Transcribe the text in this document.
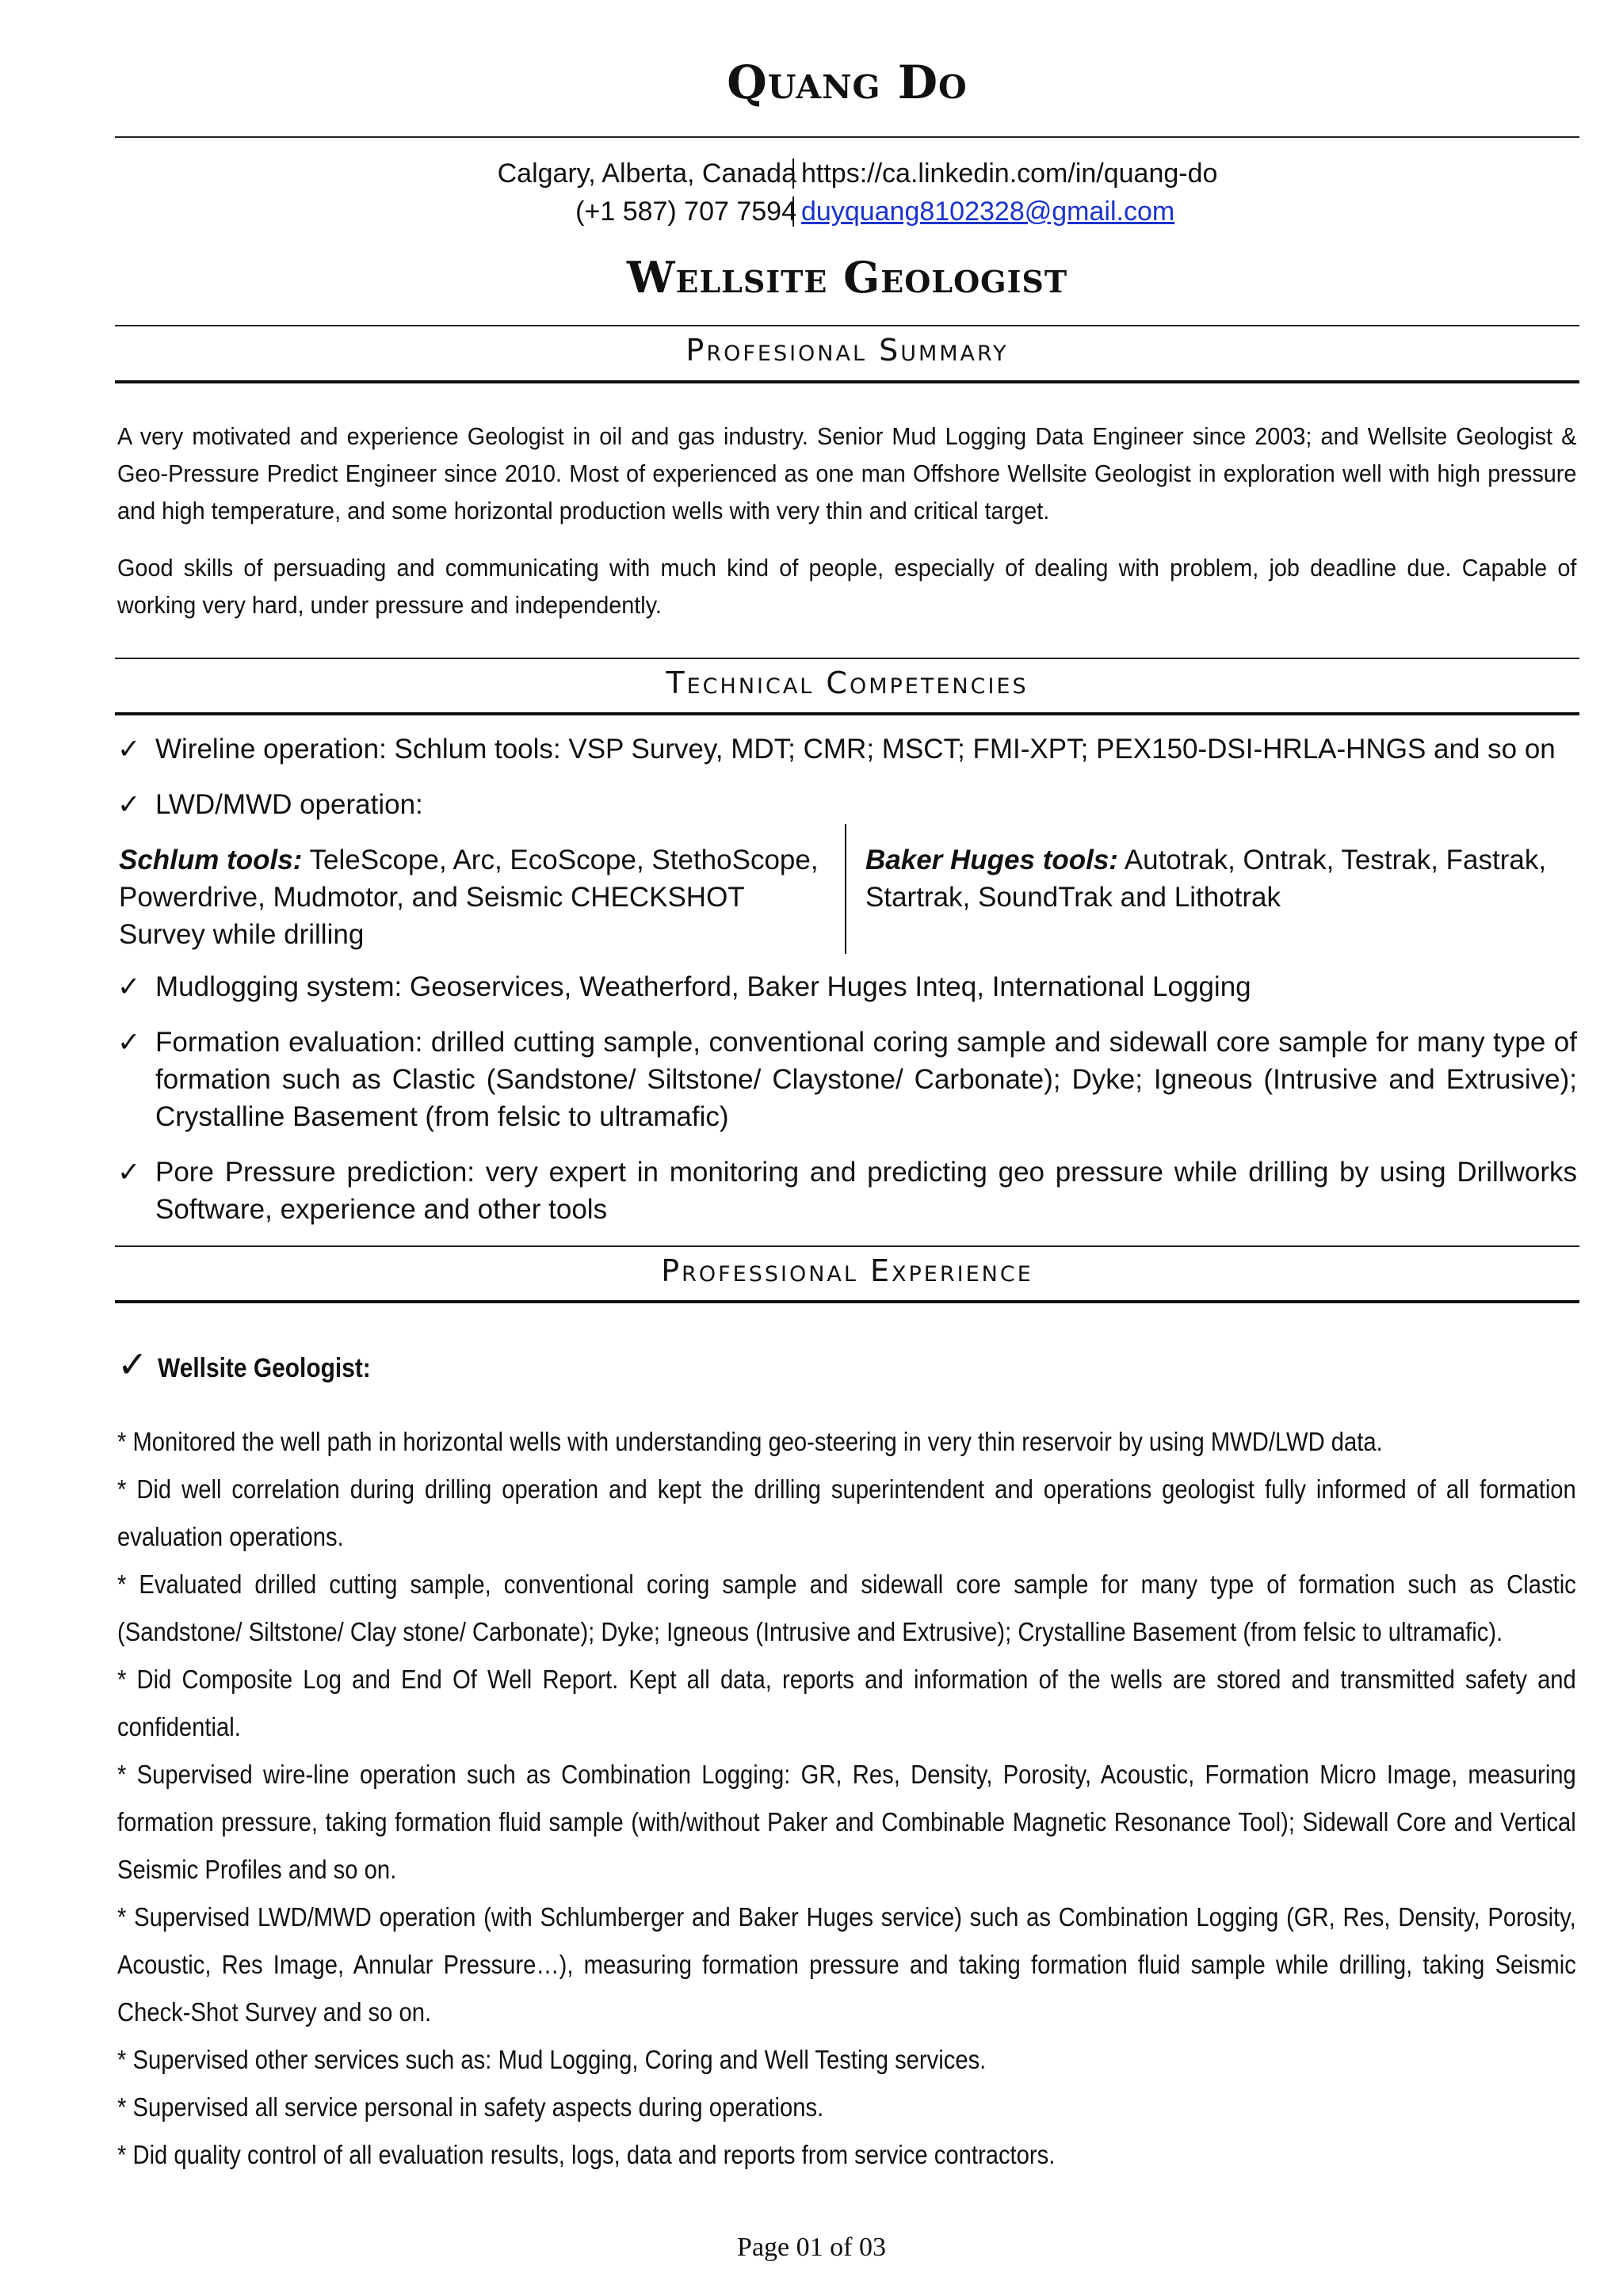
Quang Do
Calgary, Alberta, Canada https://ca.linkedin.com/in/quang-do
(+1 587) 707 7594 duyquang8102328@gmail.com
Wellsite Geologist
Profesional Summary
A very motivated and experience Geologist in oil and gas industry. Senior Mud Logging Data Engineer since 2003; and Wellsite Geologist & Geo-Pressure Predict Engineer since 2010. Most of experienced as one man Offshore Wellsite Geologist in exploration well with high pressure and high temperature, and some horizontal production wells with very thin and critical target.
Good skills of persuading and communicating with much kind of people, especially of dealing with problem, job deadline due. Capable of working very hard, under pressure and independently.
Technical Competencies
✓ Wireline operation: Schlum tools: VSP Survey, MDT; CMR; MSCT; FMI-XPT; PEX150-DSI-HRLA-HNGS and so on
✓ LWD/MWD operation:
Schlum tools: TeleScope, Arc, EcoScope, StethoScope, Powerdrive, Mudmotor, and Seismic CHECKSHOT Survey while drilling
Baker Huges tools: Autotrak, Ontrak, Testrak, Fastrak, Startrak, SoundTrak and Lithotrak
✓ Mudlogging system: Geoservices, Weatherford, Baker Huges Inteq, International Logging
✓ Formation evaluation: drilled cutting sample, conventional coring sample and sidewall core sample for many type of formation such as Clastic (Sandstone/ Siltstone/ Claystone/ Carbonate); Dyke; Igneous (Intrusive and Extrusive); Crystalline Basement (from felsic to ultramafic)
✓ Pore Pressure prediction: very expert in monitoring and predicting geo pressure while drilling by using Drillworks Software, experience and other tools
Professional Experience
✓ Wellsite Geologist:

* Monitored the well path in horizontal wells with understanding geo-steering in very thin reservoir by using MWD/LWD data.

* Did well correlation during drilling operation and kept the drilling superintendent and operations geologist fully informed of all formation evaluation operations.

* Evaluated drilled cutting sample, conventional coring sample and sidewall core sample for many type of formation such as Clastic (Sandstone/ Siltstone/ Clay stone/ Carbonate); Dyke; Igneous (Intrusive and Extrusive); Crystalline Basement (from felsic to ultramafic).

* Did Composite Log and End Of Well Report. Kept all data, reports and information of the wells are stored and transmitted safety and confidential.

* Supervised wire-line operation such as Combination Logging: GR, Res, Density, Porosity, Acoustic, Formation Micro Image, measuring formation pressure, taking formation fluid sample (with/without Paker and Combinable Magnetic Resonance Tool); Sidewall Core and Vertical Seismic Profiles and so on.

* Supervised LWD/MWD operation (with Schlumberger and Baker Huges service) such as Combination Logging (GR, Res, Density, Porosity, Acoustic, Res Image, Annular Pressure…), measuring formation pressure and taking formation fluid sample while drilling, taking Seismic Check-Shot Survey and so on.

* Supervised other services such as: Mud Logging, Coring and Well Testing services.

* Supervised all service personal in safety aspects during operations.

* Did quality control of all evaluation results, logs, data and reports from service contractors.

Page 01 of 03
